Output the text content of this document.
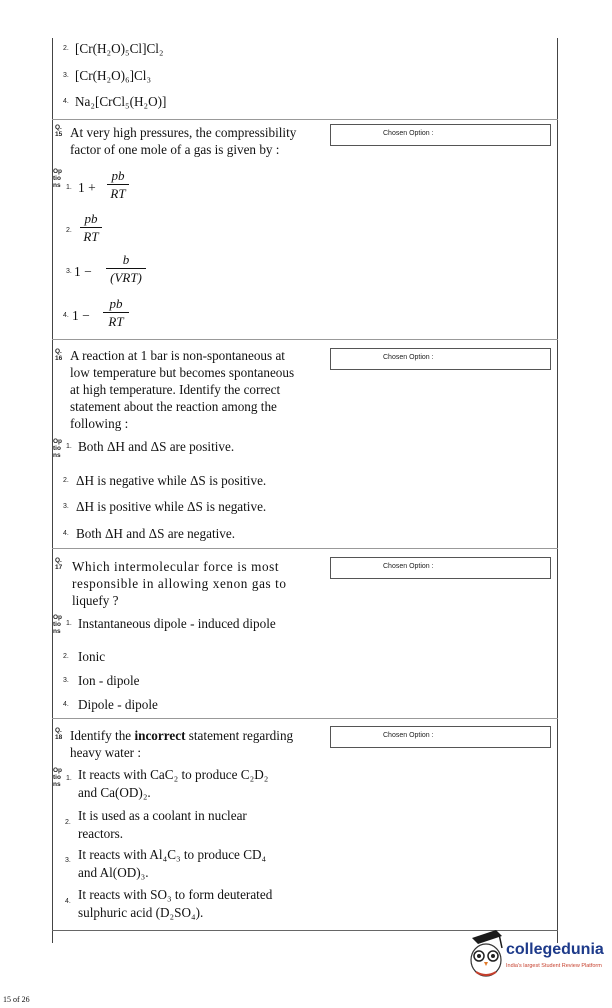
2. [Cr(H₂O)₅Cl]Cl₂
3. [Cr(H₂O)₆]Cl₃
4. Na₂[CrCl₅(H₂O)]
Q.
15 At very high pressures, the compressibility
factor of one mole of a gas is given by :
Chosen Option :
Op tio ns 1. 1 +
pb
RT
2.
pb
RT
3. 1 −
b
(VRT)
4. 1 −
pb
RT
Q.
16 A reaction at 1 bar is non-spontaneous at
low temperature but becomes spontaneous
at high temperature. Identify the correct
statement about the reaction among the
following :
Chosen Option :
Op tio ns
1. Both ΔH and ΔS are positive.
2. ΔH is negative while ΔS is positive.
3. ΔH is positive while ΔS is negative.
4. Both ΔH and ΔS are negative.
Q.
17 Which intermolecular force is most
responsible in allowing xenon gas to
liquefy ?
Chosen Option :
Op tio ns
1. Instantaneous dipole - induced dipole
2. Ionic
3. Ion - dipole
4. Dipole - dipole
Q.
18 Identify the incorrect statement regarding
heavy water :
Chosen Option :
Op tio ns
1. It reacts with CaC₂ to produce C₂D₂
and Ca(OD)₂.
2. It is used as a coolant in nuclear
reactors.
3. It reacts with Al₄C₃ to produce CD₄
and Al(OD)₃.
4. It reacts with SO₃ to form deuterated
sulphuric acid (D₂SO₄).
collegedunia
India's largest Student Review Platform
15 of 26
